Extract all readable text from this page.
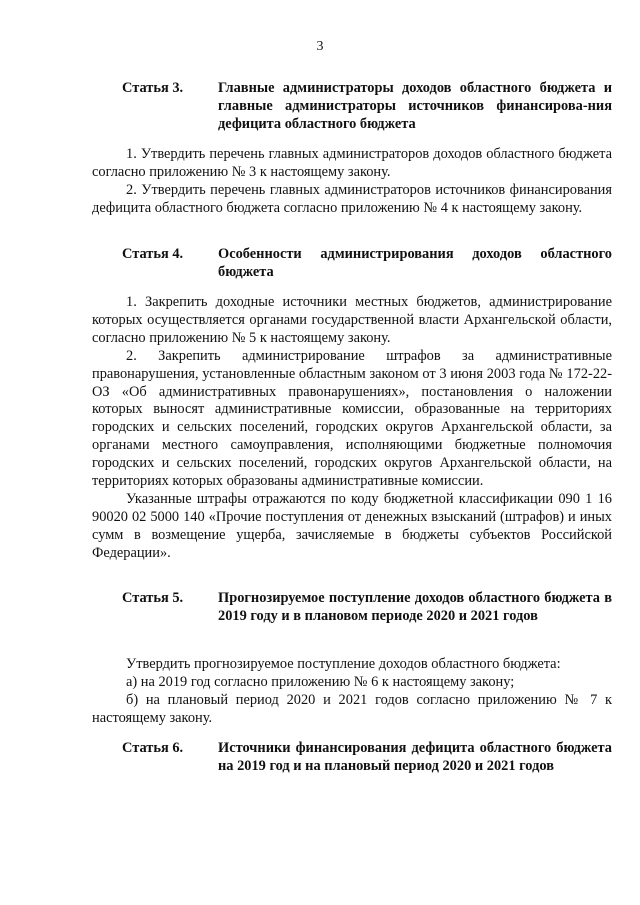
3
Статья 3.	Главные администраторы доходов областного бюджета и главные администраторы источников финансирова-ния дефицита областного бюджета

1. Утвердить перечень главных администраторов доходов областного бюджета согласно приложению № 3 к настоящему закону.

2. Утвердить перечень главных администраторов источников финансирования дефицита областного бюджета согласно приложению № 4 к настоящему закону.

Статья 4.	Особенности администрирования доходов областного бюджета

1. Закрепить доходные источники местных бюджетов, администрирование которых осуществляется органами государственной власти Архангельской области, согласно приложению № 5 к настоящему закону.

2. Закрепить администрирование штрафов за административные правонарушения, установленные областным законом от 3 июня 2003 года № 172-22-ОЗ «Об административных правонарушениях», постановления о наложении которых выносят административные комиссии, образованные на территориях городских и сельских поселений, городских округов Архангельской области, за органами местного самоуправления, исполняющими бюджетные полномочия городских и сельских поселений, городских округов Архангельской области, на территориях которых образованы административные комиссии.

Указанные штрафы отражаются по коду бюджетной классификации 090 1 16 90020 02 5000 140 «Прочие поступления от денежных взысканий (штрафов) и иных сумм в возмещение ущерба, зачисляемые в бюджеты субъектов Российской Федерации».

Статья 5.	Прогнозируемое поступление доходов областного бюджета в 2019 году и в плановом периоде 2020 и 2021 годов

Утвердить прогнозируемое поступление доходов областного бюджета:

а) на 2019 год согласно приложению № 6 к настоящему закону;

б) на плановый период 2020 и 2021 годов согласно приложению № 7 к настоящему закону.

Статья 6.	Источники финансирования дефицита областного бюджета на 2019 год и на плановый период 2020 и 2021 годов
